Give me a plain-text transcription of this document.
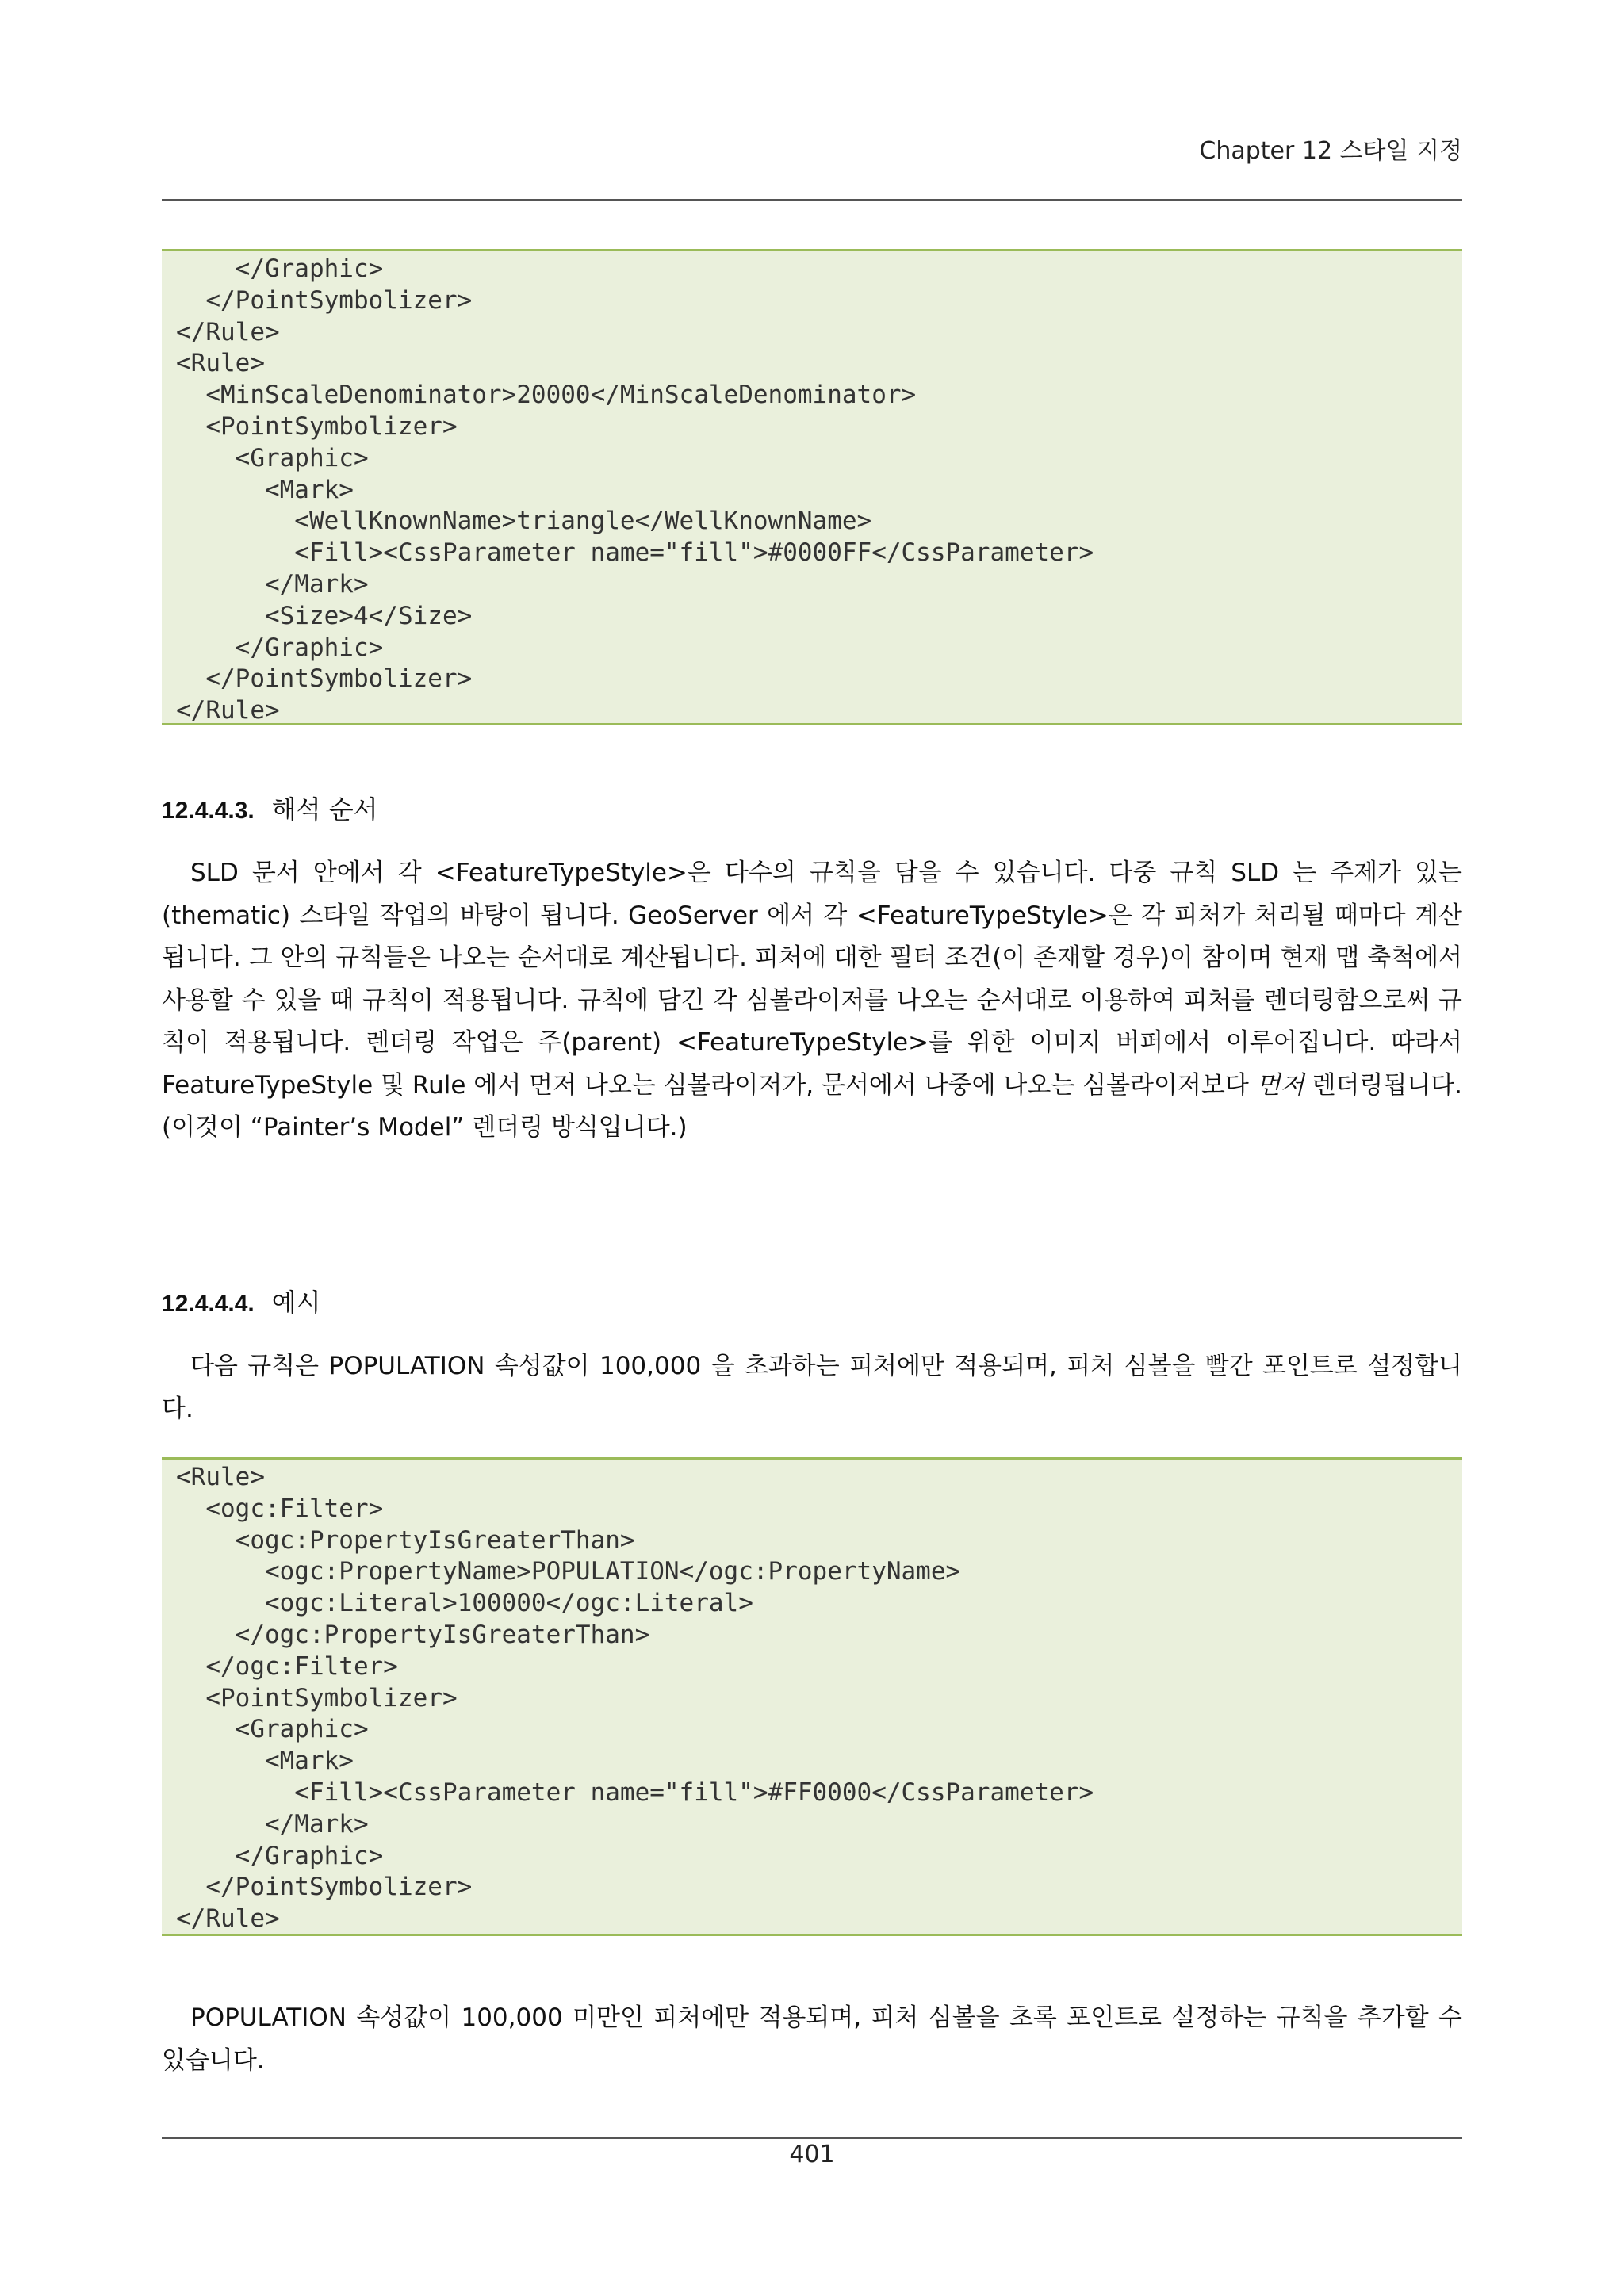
Chapter 12 스타일 지정
</Graphic>
</PointSymbolizer>
</Rule>
<Rule>
<MinScaleDenominator>20000</MinScaleDenominator>
<PointSymbolizer>
<Graphic>
<Mark>
<WellKnownName>triangle</WellKnownName>
<Fill><CssParameter name="fill">#0000FF</CssParameter>
</Mark>
<Size>4</Size>
</Graphic>
</PointSymbolizer>
</Rule>
12.4.4.3. 해석 순서
SLD 문서 안에서 각 <FeatureTypeStyle>은 다수의 규칙을 담을 수 있습니다. 다중 규칙 SLD 는 주제가 있는(thematic) 스타일 작업의 바탕이 됩니다. GeoServer 에서 각 <FeatureTypeStyle>은 각 피처가 처리될 때마다 계산됩니다. 그 안의 규칙들은 나오는 순서대로 계산됩니다. 피처에 대한 필터 조건(이 존재할 경우)이 참이며 현재 맵 축척에서 사용할 수 있을 때 규칙이 적용됩니다. 규칙에 담긴 각 심볼라이저를 나오는 순서대로 이용하여 피처를 렌더링함으로써 규칙이 적용됩니다. 렌더링 작업은 주(parent) <FeatureTypeStyle>를 위한 이미지 버퍼에서 이루어집니다. 따라서 FeatureTypeStyle 및 Rule 에서 먼저 나오는 심볼라이저가, 문서에서 나중에 나오는 심볼라이저보다 먼저 렌더링됩니다. (이것이 “Painter’s Model” 렌더링 방식입니다.)
12.4.4.4. 예시
다음 규칙은 POPULATION 속성값이 100,000 을 초과하는 피처에만 적용되며, 피처 심볼을 빨간 포인트로 설정합니다.
<Rule>
<ogc:Filter>
<ogc:PropertyIsGreaterThan>
<ogc:PropertyName>POPULATION</ogc:PropertyName>
<ogc:Literal>100000</ogc:Literal>
</ogc:PropertyIsGreaterThan>
</ogc:Filter>
<PointSymbolizer>
<Graphic>
<Mark>
<Fill><CssParameter name="fill">#FF0000</CssParameter>
</Mark>
</Graphic>
</PointSymbolizer>
</Rule>
POPULATION 속성값이 100,000 미만인 피처에만 적용되며, 피처 심볼을 초록 포인트로 설정하는 규칙을 추가할 수 있습니다.
401
